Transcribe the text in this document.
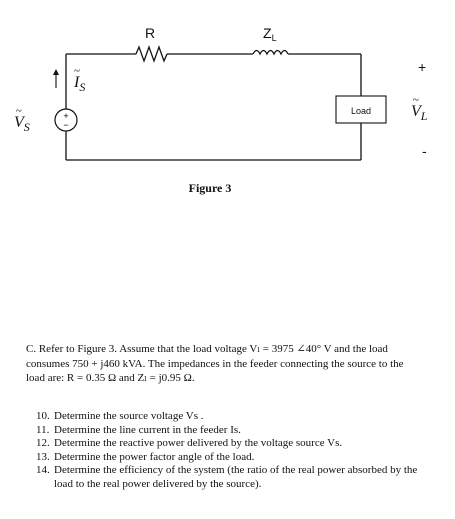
+
−
R	$Z_L$
~ $I_S$
~ $V_S$
Load
+
~ $V_L$
-
Figure 3

C. Refer to Figure 3. Assume that the load voltage Vₗ = 3975 ∠40° V and the load consumes 750 + j460 kVA. The impedances in the feeder connecting the source to the load are: R = 0.35 Ω and Zₗ = j0.95 Ω.

10. Determine the source voltage Vs .
11. Determine the line current in the feeder Is.
12. Determine the reactive power delivered by the voltage source Vs.
13. Determine the power factor angle of the load.
14. Determine the efficiency of the system (the ratio of the real power absorbed by the load to the real power delivered by the source).
